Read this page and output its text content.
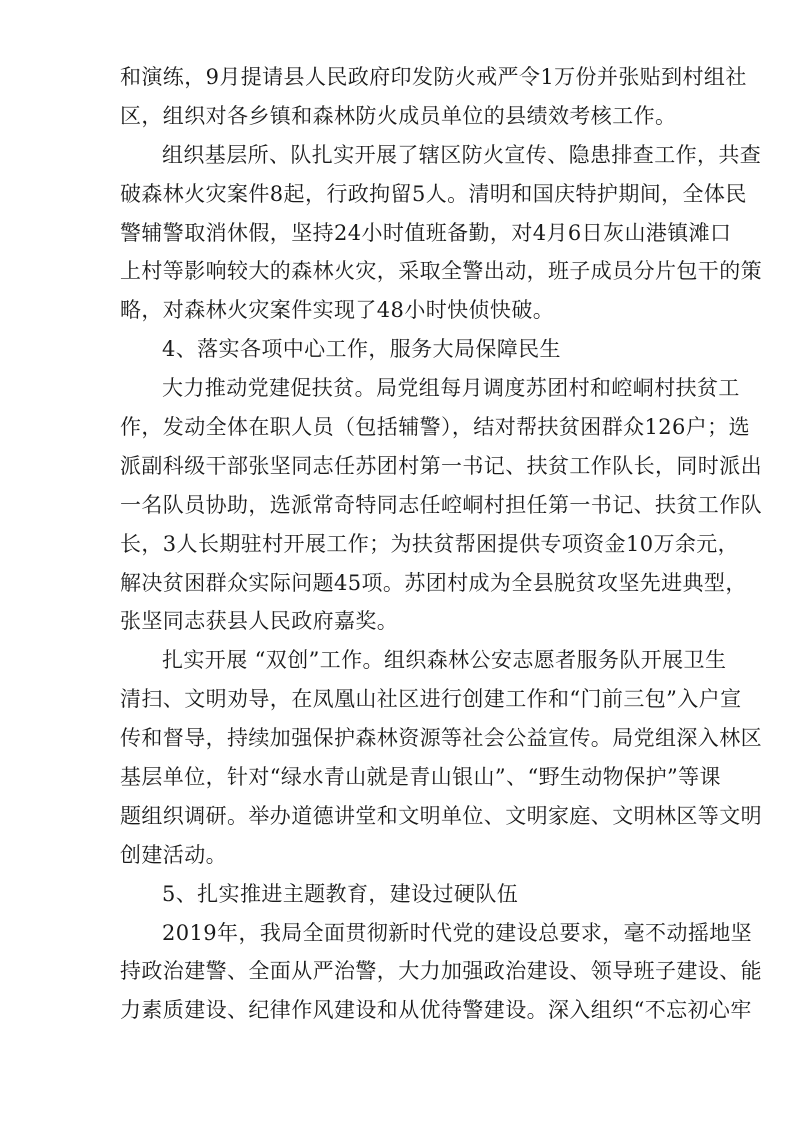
和演练，9月提请县人民政府印发防火戒严令1万份并张贴到村组社
区，组织对各乡镇和森林防火成员单位的县绩效考核工作。
组织基层所、队扎实开展了辖区防火宣传、隐患排查工作，共查
破森林火灾案件8起，行政拘留5人。清明和国庆特护期间，全体民
警辅警取消休假，坚持24小时值班备勤，对4月6日灰山港镇滩口
上村等影响较大的森林火灾，采取全警出动，班子成员分片包干的策
略，对森林火灾案件实现了48小时快侦快破。
4、落实各项中心工作，服务大局保障民生
大力推动党建促扶贫。局党组每月调度苏团村和崆峒村扶贫工
作，发动全体在职人员（包括辅警），结对帮扶贫困群众126户；选
派副科级干部张坚同志任苏团村第一书记、扶贫工作队长，同时派出
一名队员协助，选派常奇特同志任崆峒村担任第一书记、扶贫工作队
长，3人长期驻村开展工作；为扶贫帮困提供专项资金10万余元，
解决贫困群众实际问题45项。苏团村成为全县脱贫攻坚先进典型，
张坚同志获县人民政府嘉奖。
扎实开展 “双创”工作。组织森林公安志愿者服务队开展卫生
清扫、文明劝导，在凤凰山社区进行创建工作和“门前三包”入户宣
传和督导，持续加强保护森林资源等社会公益宣传。局党组深入林区
基层单位，针对“绿水青山就是青山银山”、“野生动物保护”等课
题组织调研。举办道德讲堂和文明单位、文明家庭、文明林区等文明
创建活动。
5、扎实推进主题教育，建设过硬队伍
2019年，我局全面贯彻新时代党的建设总要求，毫不动摇地坚
持政治建警、全面从严治警，大力加强政治建设、领导班子建设、能
力素质建设、纪律作风建设和从优待警建设。深入组织“不忘初心牢
